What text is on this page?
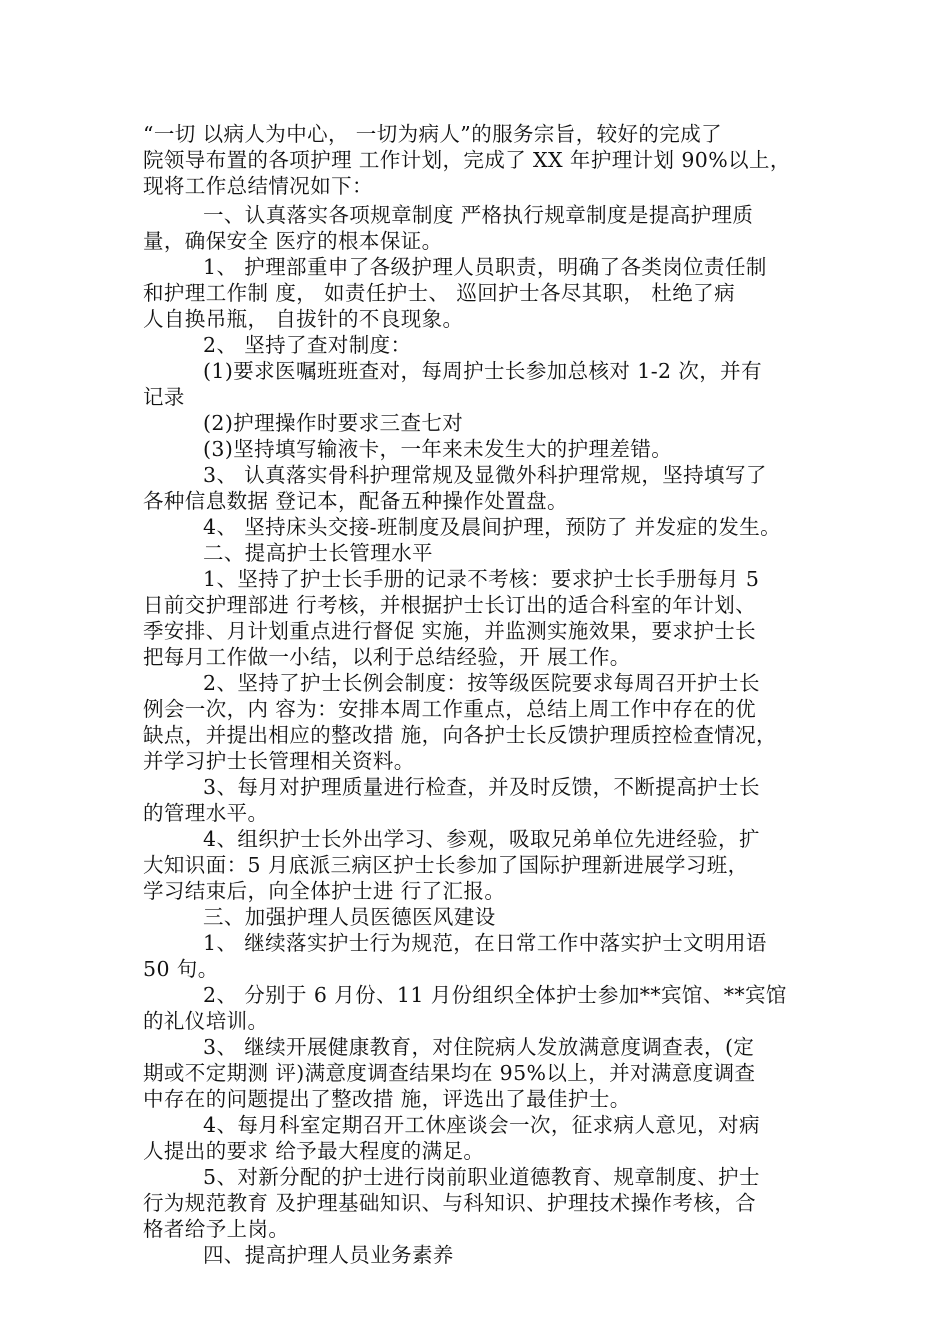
“一切 以病人为中心， 一切为病人”的服务宗旨，较好的完成了
院领导布置的各项护理 工作计划，完成了 XX 年护理计划 90%以上，
现将工作总结情况如下：
一、认真落实各项规章制度 严格执行规章制度是提高护理质
量，确保安全 医疗的根本保证。
1、 护理部重申了各级护理人员职责，明确了各类岗位责任制
和护理工作制 度， 如责任护士、 巡回护士各尽其职， 杜绝了病
人自换吊瓶， 自拔针的不良现象。
2、 坚持了查对制度：
(1)要求医嘱班班查对，每周护士长参加总核对 1-2 次，并有
记录
(2)护理操作时要求三查七对
(3)坚持填写输液卡，一年来未发生大的护理差错。
3、 认真落实骨科护理常规及显微外科护理常规，坚持填写了
各种信息数据 登记本，配备五种操作处置盘。
4、 坚持床头交接-班制度及晨间护理，预防了 并发症的发生。
二、提高护士长管理水平
1、坚持了护士长手册的记录不考核：要求护士长手册每月 5
日前交护理部进 行考核，并根据护士长订出的适合科室的年计划、
季安排、月计划重点进行督促 实施，并监测实施效果，要求护士长
把每月工作做一小结，以利于总结经验，开 展工作。
2、坚持了护士长例会制度：按等级医院要求每周召开护士长
例会一次，内 容为：安排本周工作重点，总结上周工作中存在的优
缺点，并提出相应的整改措 施，向各护士长反馈护理质控检查情况，
并学习护士长管理相关资料。
3、每月对护理质量进行检查，并及时反馈，不断提高护士长
的管理水平。
4、组织护士长外出学习、参观，吸取兄弟单位先进经验，扩
大知识面：5 月底派三病区护士长参加了国际护理新进展学习班，
学习结束后，向全体护士进 行了汇报。
三、加强护理人员医德医风建设
1、 继续落实护士行为规范，在日常工作中落实护士文明用语
50 句。
2、 分别于 6 月份、11 月份组织全体护士参加**宾馆、**宾馆
的礼仪培训。
3、 继续开展健康教育，对住院病人发放满意度调查表，(定
期或不定期测 评)满意度调查结果均在 95%以上，并对满意度调查
中存在的问题提出了整改措 施，评选出了最佳护士。
4、每月科室定期召开工休座谈会一次，征求病人意见，对病
人提出的要求 给予最大程度的满足。
5、对新分配的护士进行岗前职业道德教育、规章制度、护士
行为规范教育 及护理基础知识、与科知识、护理技术操作考核，合
格者给予上岗。
四、提高护理人员业务素养
